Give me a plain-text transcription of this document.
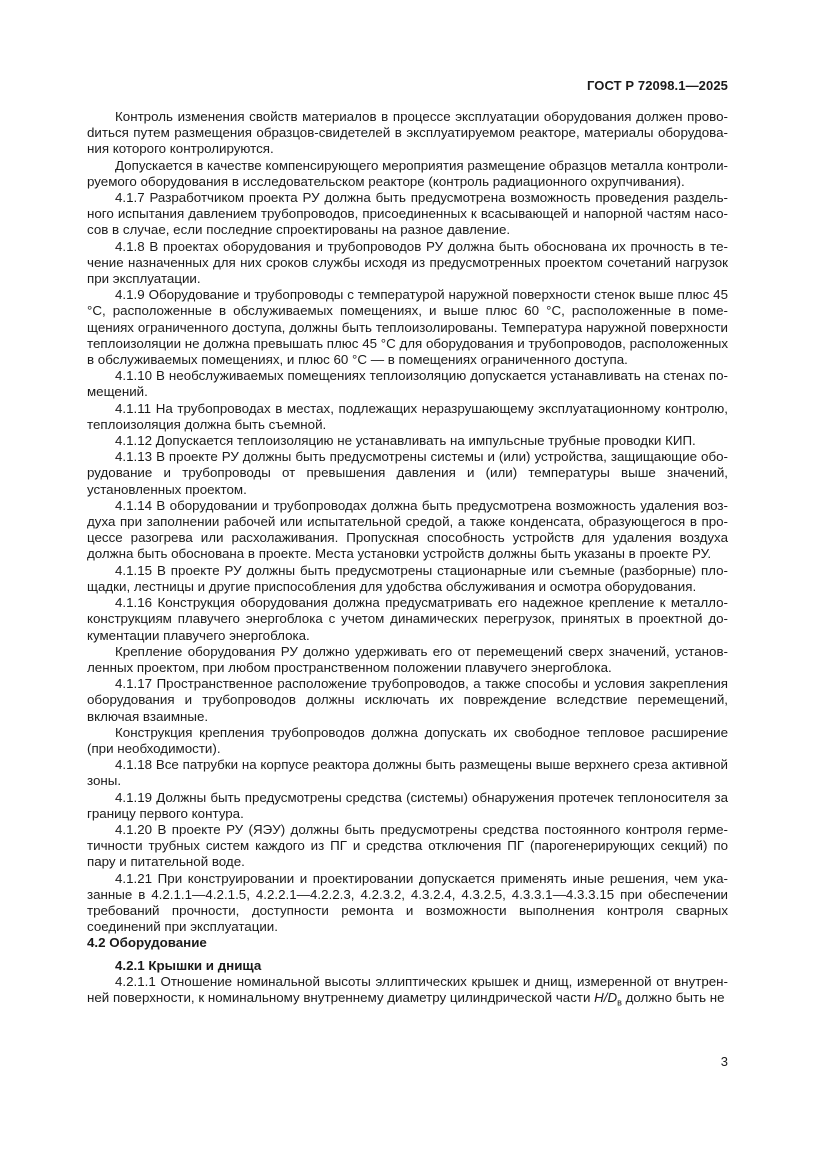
ГОСТ Р 72098.1—2025

Контроль изменения свойств материалов в процессе эксплуатации оборудования должен провоdиться путем размещения образцов-свидетелей в эксплуатируемом реакторе, материалы оборудования которого контролируются.

Допускается в качестве компенсирующего мероприятия размещение образцов металла контролируемого оборудования в исследовательском реакторе (контроль радиационного охрупчивания).

4.1.7 Разработчиком проекта РУ должна быть предусмотрена возможность проведения раздельного испытания давлением трубопроводов, присоединенных к всасывающей и напорной частям насосов в случае, если последние спроектированы на разное давление.

4.1.8 В проектах оборудования и трубопроводов РУ должна быть обоснована их прочность в течение назначенных для них сроков службы исходя из предусмотренных проектом сочетаний нагрузок при эксплуатации.

4.1.9 Оборудование и трубопроводы с температурой наружной поверхности стенок выше плюс 45 °С, расположенные в обслуживаемых помещениях, и выше плюс 60 °С, расположенные в помещениях ограниченного доступа, должны быть теплоизолированы. Температура наружной поверхности теплоизоляции не должна превышать плюс 45 °С для оборудования и трубопроводов, расположенных в обслуживаемых помещениях, и плюс 60 °С — в помещениях ограниченного доступа.

4.1.10 В необслуживаемых помещениях теплоизоляцию допускается устанавливать на стенах помещений.

4.1.11 На трубопроводах в местах, подлежащих неразрушающему эксплуатационному контролю, теплоизоляция должна быть съемной.

4.1.12 Допускается теплоизоляцию не устанавливать на импульсные трубные проводки КИП.

4.1.13 В проекте РУ должны быть предусмотрены системы и (или) устройства, защищающие оборудование и трубопроводы от превышения давления и (или) температуры выше значений, установленных проектом.

4.1.14 В оборудовании и трубопроводах должна быть предусмотрена возможность удаления воздуха при заполнении рабочей или испытательной средой, а также конденсата, образующегося в процессе разогрева или расхолаживания. Пропускная способность устройств для удаления воздуха должна быть обоснована в проекте. Места установки устройств должны быть указаны в проекте РУ.

4.1.15 В проекте РУ должны быть предусмотрены стационарные или съемные (разборные) площадки, лестницы и другие приспособления для удобства обслуживания и осмотра оборудования.

4.1.16 Конструкция оборудования должна предусматривать его надежное крепление к металлоконструкциям плавучего энергоблока с учетом динамических перегрузок, принятых в проектной документации плавучего энергоблока.

Крепление оборудования РУ должно удерживать его от перемещений сверх значений, установленных проектом, при любом пространственном положении плавучего энергоблока.

4.1.17 Пространственное расположение трубопроводов, а также способы и условия закрепления оборудования и трубопроводов должны исключать их повреждение вследствие перемещений, включая взаимные.

Конструкция крепления трубопроводов должна допускать их свободное тепловое расширение (при необходимости).

4.1.18 Все патрубки на корпусе реактора должны быть размещены выше верхнего среза активной зоны.

4.1.19 Должны быть предусмотрены средства (системы) обнаружения протечек теплоносителя за границу первого контура.

4.1.20 В проекте РУ (ЯЭУ) должны быть предусмотрены средства постоянного контроля герметичности трубных систем каждого из ПГ и средства отключения ПГ (парогенерирующих секций) по пару и питательной воде.

4.1.21 При конструировании и проектировании допускается применять иные решения, чем указанные в 4.2.1.1—4.2.1.5, 4.2.2.1—4.2.2.3, 4.2.3.2, 4.3.2.4, 4.3.2.5, 4.3.3.1—4.3.3.15 при обеспечении требований прочности, доступности ремонта и возможности выполнения контроля сварных соединений при эксплуатации.

4.2 Оборудование

4.2.1 Крышки и днища

4.2.1.1 Отношение номинальной высоты эллиптических крышек и днищ, измеренной от внутренней поверхности, к номинальному внутреннему диаметру цилиндрической части $H/D_в$ должно быть не

3
